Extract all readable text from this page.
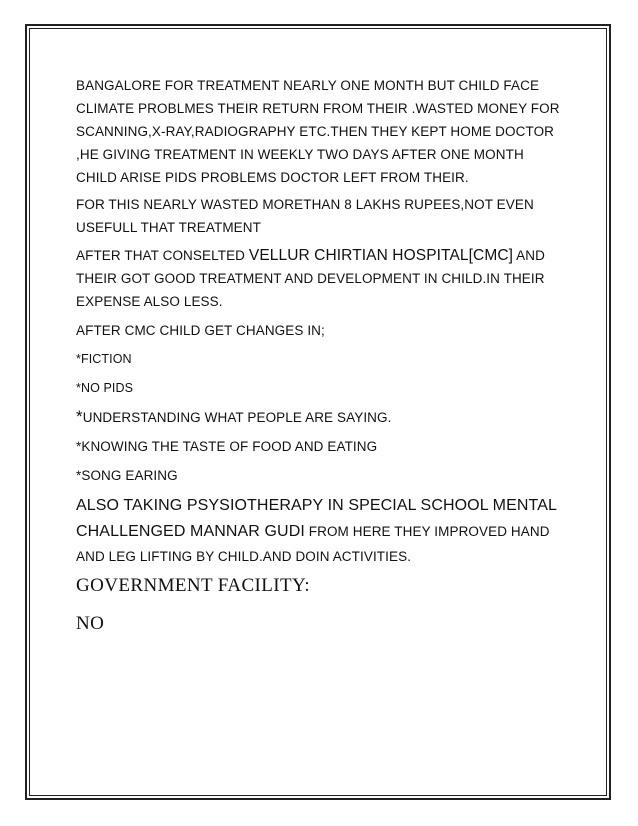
BANGALORE FOR TREATMENT NEARLY ONE MONTH BUT CHILD FACE

CLIMATE PROBLMES THEIR RETURN FROM THEIR .WASTED MONEY FOR

SCANNING,X-RAY,RADIOGRAPHY ETC.THEN THEY KEPT HOME DOCTOR

,HE GIVING TREATMENT IN WEEKLY TWO DAYS AFTER ONE MONTH

CHILD ARISE PIDS PROBLEMS DOCTOR LEFT FROM THEIR.

FOR THIS NEARLY WASTED MORETHAN 8 LAKHS RUPEES,NOT EVEN

USEFULL THAT TREATMENT

AFTER THAT CONSELTED VELLUR CHIRTIAN HOSPITAL[CMC] AND

THEIR GOT GOOD TREATMENT AND DEVELOPMENT IN CHILD.IN THEIR

EXPENSE ALSO LESS.

AFTER CMC CHILD GET CHANGES IN;

*FICTION

*NO PIDS

*UNDERSTANDING WHAT PEOPLE ARE SAYING.

*KNOWING THE TASTE OF FOOD AND EATING

*SONG EARING

ALSO TAKING PSYSIOTHERAPY IN SPECIAL SCHOOL MENTAL

CHALLENGED MANNAR GUDI FROM HERE THEY IMPROVED HAND

AND LEG LIFTING BY CHILD.AND DOIN ACTIVITIES.

GOVERNMENT FACILITY:

NO
